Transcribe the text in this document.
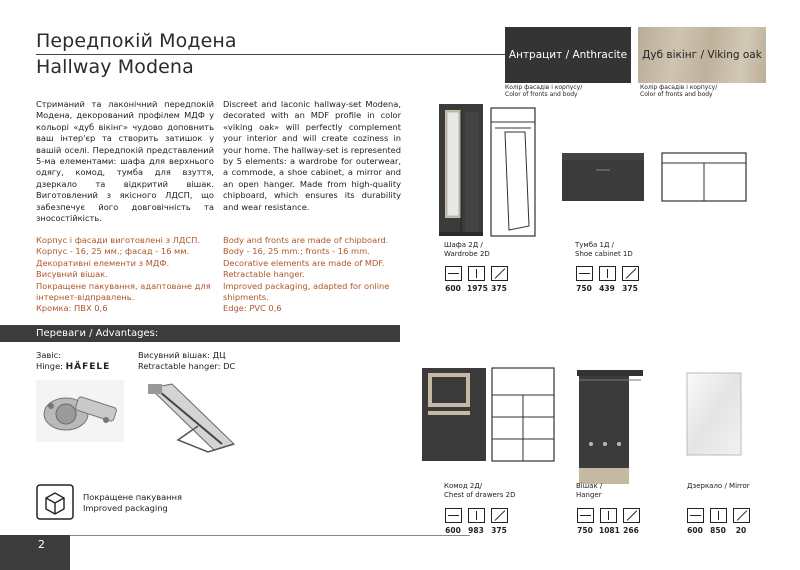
Передпокій Модена
Hallway Modena
Антрацит / Anthracite
Колір фасадів і корпусу/
Color of fronts and body
Дуб вікінг / Viking oak
Колір фасадів і корпусу/
Color of fronts and body
Стриманий та лаконічний передпокій Модена, декорований профілем МДФ у кольорі «дуб вікінг» чудово доповнить ваш інтер'єр та створить затишок у вашій оселі. Передпокій представлений 5-ма елементами: шафа для верхнього одягу, комод, тумба для взуття, дзеркало та відкритий вішак. Виготовлений з якісного ЛДСП, що забезпечує його довговічність та зносостійкість.
Discreet and laconic hallway-set Modena, decorated with an MDF profile in color «viking oak» will perfectly complement your interior and will create coziness in your home. The hallway-set is represented by 5 elements: a wardrobe for outerwear, a commode, a shoe cabinet, a mirror and an open hanger. Made from high-quality chipboard, which ensures its durability and wear resistance.
Корпус і фасади виготовлені з ЛДСП.
Корпус - 16, 25 мм.; фасад - 16 мм.
Декоративні елементи з МДФ.
Висувний вішак.
Покращене пакування, адаптоване для інтернет-відправлень.
Кромка: ПВХ 0,6
Body and fronts are made of chipboard.
Body - 16, 25 mm.; fronts - 16 mm.
Decorative elements are made of MDF.
Retractable hanger.
Improved packaging, adapted for online shipments.
Edge: PVC 0,6
Переваги / Advantages:
Завіс:
Hinge: HÄFELE
Висувний вішак: ДЦ
Retractable hanger: DC
Покращене пакування
Improved packaging
2
Шафа 2Д /
Wardrobe 2D
600 1975 375
Тумба 1Д /
Shoe cabinet 1D
750 439 375
Комод 2Д/
Chest of drawers 2D
600 983 375
Вішак /
Hanger
750 1081 266
Дзеркало / Mirror
600 850	20
